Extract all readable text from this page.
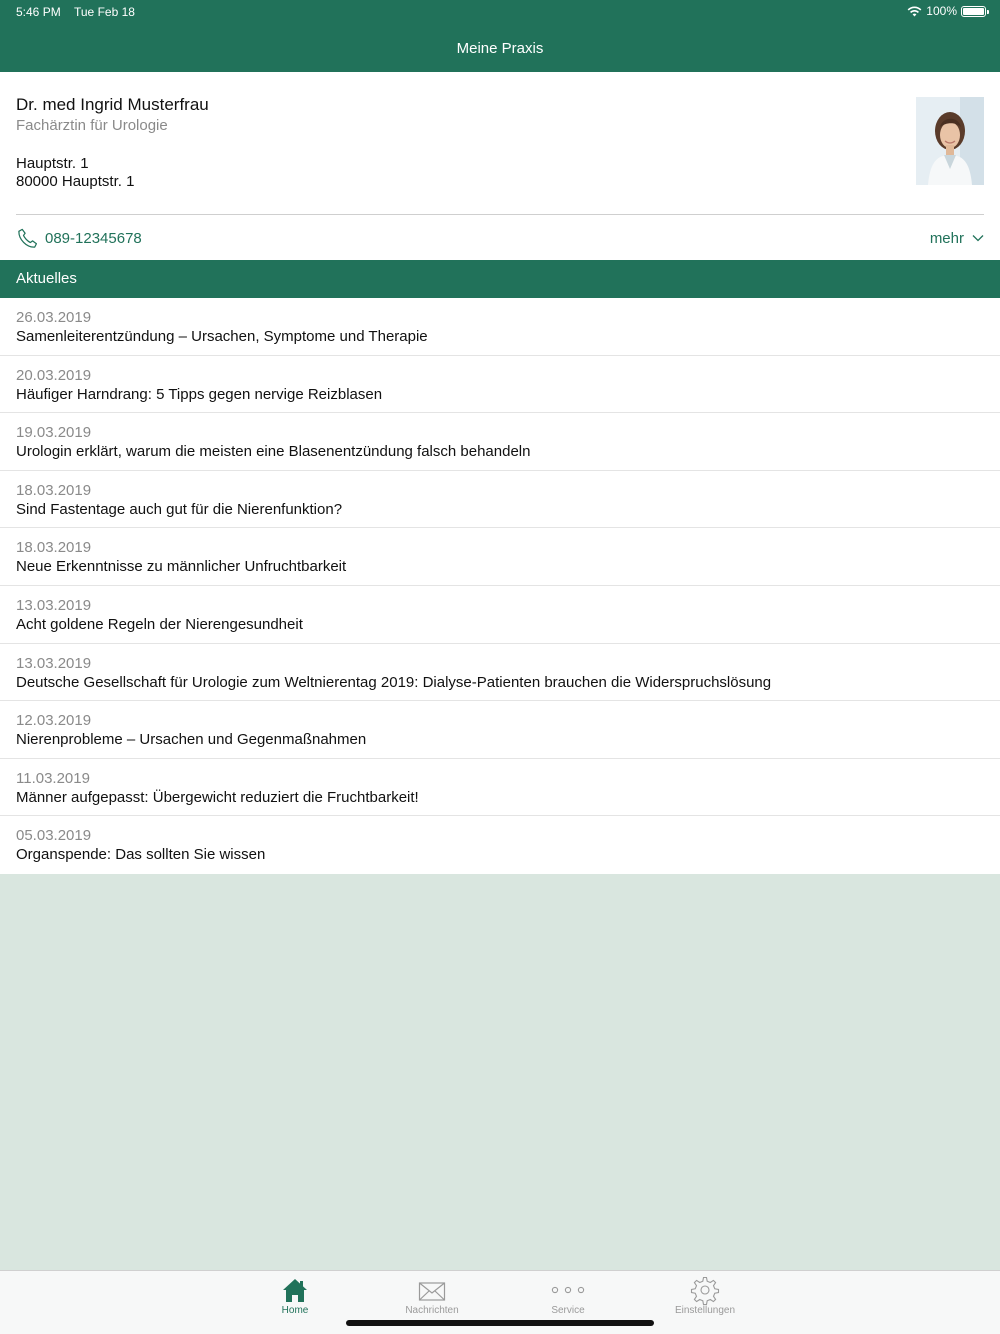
5:46 PM Tue Feb 18	100%
Meine Praxis
Dr. med Ingrid Musterfrau
Fachärztin für Urologie
Hauptstr. 1
80000 Hauptstr. 1
089-12345678	mehr
Aktuelles
26.03.2019
Samenleiterentzündung – Ursachen, Symptome und Therapie
20.03.2019
Häufiger Harndrang: 5 Tipps gegen nervige Reizblasen
19.03.2019
Urologin erklärt, warum die meisten eine Blasenentzündung falsch behandeln
18.03.2019
Sind Fastentage auch gut für die Nierenfunktion?
18.03.2019
Neue Erkenntnisse zu männlicher Unfruchtbarkeit
13.03.2019
Acht goldene Regeln der Nierengesundheit
13.03.2019
Deutsche Gesellschaft für Urologie zum Weltnierentag 2019: Dialyse-Patienten brauchen die Widerspruchslösung
12.03.2019
Nierenprobleme – Ursachen und Gegenmaßnahmen
11.03.2019
Männer aufgepasst: Übergewicht reduziert die Fruchtbarkeit!
05.03.2019
Organspende: Das sollten Sie wissen
Home	Nachrichten	Service	Einstellungen
